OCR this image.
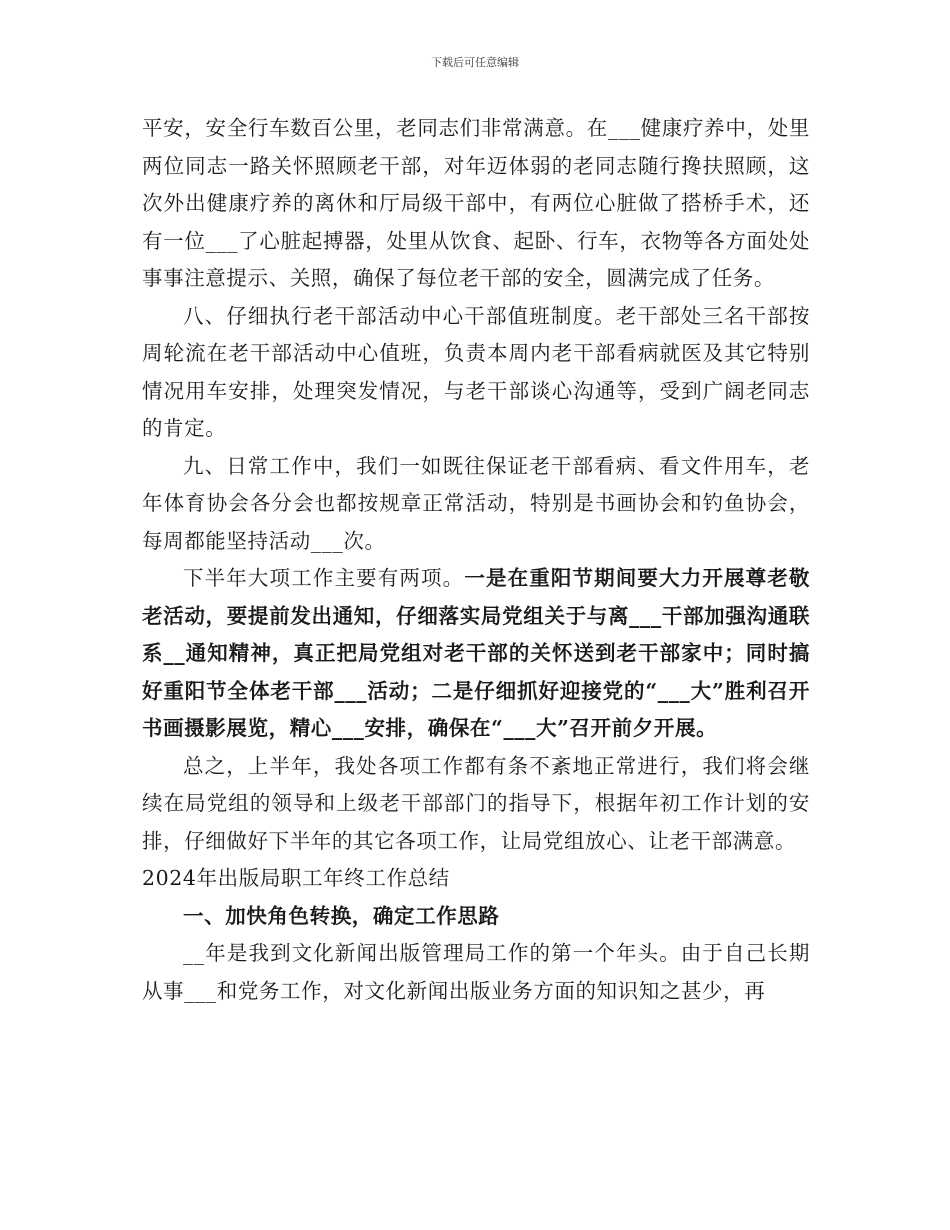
下载后可任意编辑

平安，安全行车数百公里，老同志们非常满意。在___健康疗养中，处里两位同志一路关怀照顾老干部，对年迈体弱的老同志随行搀扶照顾，这次外出健康疗养的离休和厅局级干部中，有两位心脏做了搭桥手术，还有一位___了心脏起搏器，处里从饮食、起卧、行车，衣物等各方面处处事事注意提示、关照，确保了每位老干部的安全，圆满完成了任务。

八、仔细执行老干部活动中心干部值班制度。老干部处三名干部按周轮流在老干部活动中心值班，负责本周内老干部看病就医及其它特别情况用车安排，处理突发情况，与老干部谈心沟通等，受到广阔老同志的肯定。

九、日常工作中，我们一如既往保证老干部看病、看文件用车，老年体育协会各分会也都按规章正常活动，特别是书画协会和钓鱼协会，每周都能坚持活动___次。

下半年大项工作主要有两项。一是在重阳节期间要大力开展尊老敬老活动，要提前发出通知，仔细落实局党组关于与离___干部加强沟通联系__通知精神，真正把局党组对老干部的关怀送到老干部家中；同时搞好重阳节全体老干部___活动；二是仔细抓好迎接党的“___大”胜利召开书画摄影展览，精心___安排，确保在“___大”召开前夕开展。

总之，上半年，我处各项工作都有条不紊地正常进行，我们将会继续在局党组的领导和上级老干部部门的指导下，根据年初工作计划的安排，仔细做好下半年的其它各项工作，让局党组放心、让老干部满意。

2024年出版局职工年终工作总结

一、加快角色转换，确定工作思路

__年是我到文化新闻出版管理局工作的第一个年头。由于自己长期从事___和党务工作，对文化新闻出版业务方面的知识知之甚少，再
